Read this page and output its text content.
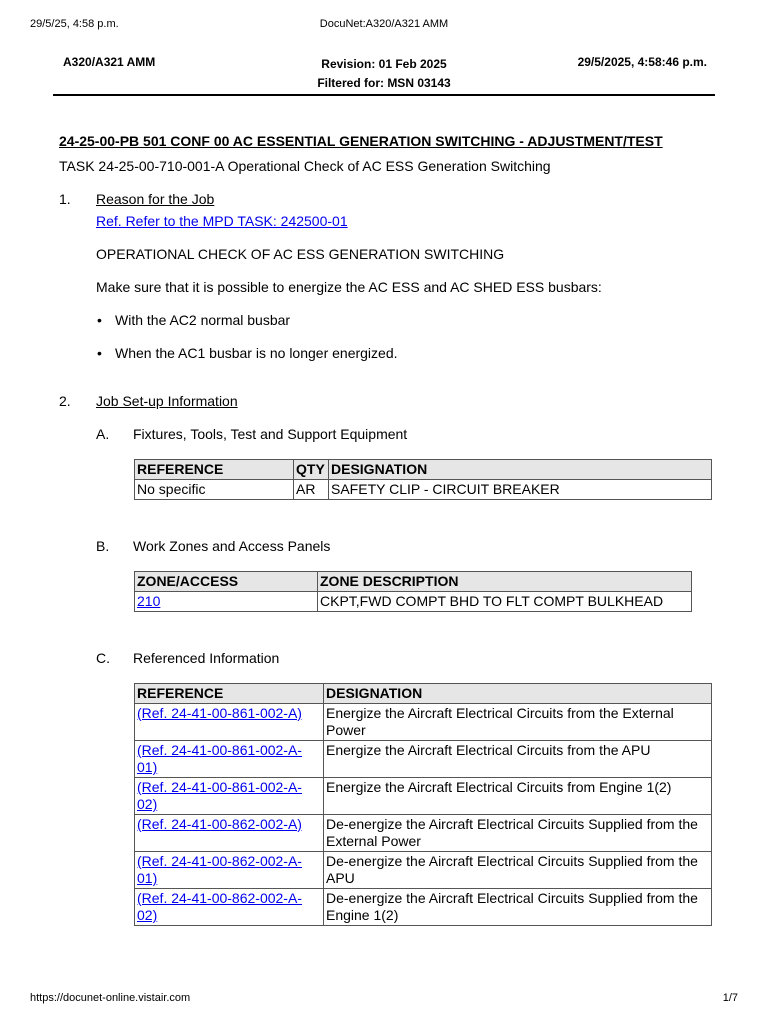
29/5/25, 4:58 p.m.	DocuNet:A320/A321 AMM
A320/A321 AMM	Revision: 01 Feb 2025
Filtered for: MSN 03143
29/5/2025, 4:58:46 p.m.
24-25-00-PB 501 CONF 00 AC ESSENTIAL GENERATION SWITCHING - ADJUSTMENT/TEST
TASK 24-25-00-710-001-A Operational Check of AC ESS Generation Switching
1. Reason for the Job
Ref. Refer to the MPD TASK: 242500-01
OPERATIONAL CHECK OF AC ESS GENERATION SWITCHING
Make sure that it is possible to energize the AC ESS and AC SHED ESS busbars:
• With the AC2 normal busbar
• When the AC1 busbar is no longer energized.
2. Job Set-up Information
A. Fixtures, Tools, Test and Support Equipment
REFERENCE	QTY	DESIGNATION
No specific	AR	SAFETY CLIP - CIRCUIT BREAKER
B. Work Zones and Access Panels
ZONE/ACCESS	ZONE DESCRIPTION
210	CKPT,FWD COMPT BHD TO FLT COMPT BULKHEAD
C. Referenced Information
REFERENCE	DESIGNATION
(Ref. 24-41-00-861-002-A)	Energize the Aircraft Electrical Circuits from the External Power
(Ref. 24-41-00-861-002-A-01)	Energize the Aircraft Electrical Circuits from the APU
(Ref. 24-41-00-861-002-A-02)	Energize the Aircraft Electrical Circuits from Engine 1(2)
(Ref. 24-41-00-862-002-A)	De-energize the Aircraft Electrical Circuits Supplied from the External Power
(Ref. 24-41-00-862-002-A-01)	De-energize the Aircraft Electrical Circuits Supplied from the APU
(Ref. 24-41-00-862-002-A-02)	De-energize the Aircraft Electrical Circuits Supplied from the Engine 1(2)
https://docunet-online.vistair.com	1/7
